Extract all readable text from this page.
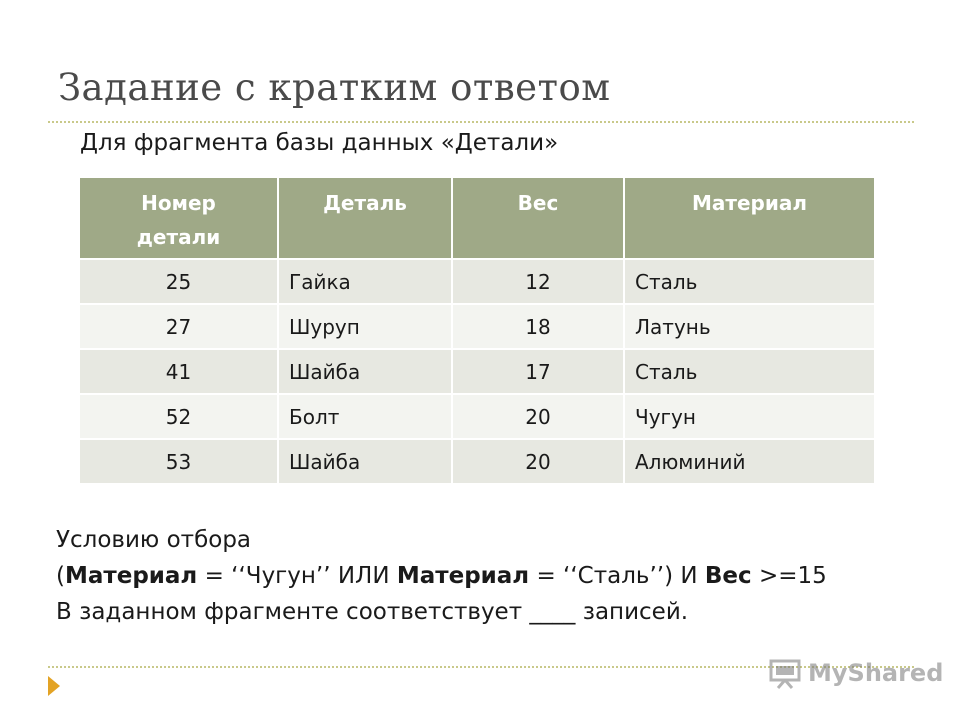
Задание с кратким ответом
Для фрагмента базы данных «Детали»
Номер детали	Деталь	Вес	Материал
25	Гайка	12	Сталь
27	Шуруп	18	Латунь
41	Шайба	17	Сталь
52	Болт	20	Чугун
53	Шайба	20	Алюминий
Условию отбора
(Материал = ‘‘Чугун’’ ИЛИ Материал = ‘‘Сталь’’) И Вес >=15
В заданном фрагменте соответствует ____ записей.
MyShared
